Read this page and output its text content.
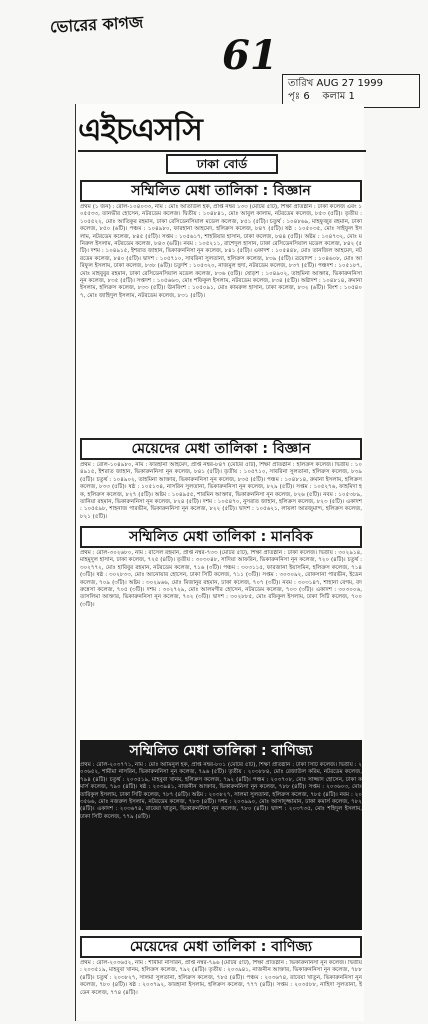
ভোরের কাগজ
61
তারিখ AUG 27 1999
পৃঃ 6 কলাম 1
এইচএসসি
ঢাকা বোর্ড
সম্মিলিত মেধা তালিকা : বিজ্ঞান
প্রথম (১ জন) : রোল-১০৪০৩৩, নাম : মোঃ আতাউল হক, প্রাপ্ত নম্বর ১৩৩ (মোটর ৫টি), শিক্ষা প্রতিষ্ঠান : ঢাকা কলেজ এবং ১০৫৫৩৩, তানভীর হোসেন, নটরডেম কলেজ। দ্বিতীয় : ১০৪৮৪১, মোঃ আবুল কালাম, নটরডেম কলেজ, ৮৫৩ (৫টি)। তৃতীয় : ১০৫৫২২, মোঃ আতিকুর রহমান, ঢাকা রেসিডেনসিয়াল মডেল কলেজ, ৮৫১ (৫টি)। চতুর্থ : ১০৪৮৬৯, মাহফুজুর রহমান, ঢাকা কলেজ, ৮৫০ (৬টি)। পঞ্চম : ১০৪৯৮০, ফারহানা আহমেদ, হলিক্রস কলেজ, ৮৪৭ (৫টি)। ষষ্ঠ : ১০৫০৩৫, মোঃ সাইফুল ইসলাম, নটরডেম কলেজ, ৮৪৫ (৫টি)। সপ্তম : ১০৫৬১৭, শাহরিয়ার হাসান, ঢাকা কলেজ, ৮৪৪ (৫টি)। অষ্টম : ১০৪৭৩২, মোঃ মনিরুল ইসলাম, নটরডেম কলেজ, ৮৪৩ (৬টি)। নবম : ১০৫২১১, রাশেদুল হাসান, ঢাকা রেসিডেনসিয়াল মডেল কলেজ, ৮৪২ (৫টি)। দশম : ১০৪৯১৫, ইশরাত জাহান, ভিকারুননিসা নূন কলেজ, ৮৪১ (৫টি)। একাদশ : ১০৫৪৪৮, মোঃ তানজিল আহমেদ, নটরডেম কলেজ, ৮৪০ (৫টি)। দ্বাদশ : ১০৫৭১০, সাবরিনা সুলতানা, হলিক্রস কলেজ, ৮৩৯ (৫টি)। ত্রয়োদশ : ১০৪৬০৮, মোঃ আরিফুল ইসলাম, ঢাকা কলেজ, ৮৩৮ (৬টি)। চতুর্দশ : ১০৫৩২০, নাজমুল হুদা, নটরডেম কলেজ, ৮৩৭ (৫টি)। পঞ্চদশ : ১০৫১৮৭, মোঃ মাহবুবুর রহমান, ঢাকা রেসিডেনসিয়াল মডেল কলেজ, ৮৩৬ (৫টি)। ষোড়শ : ১০৪৯০২, তাহমিনা আক্তার, ভিকারুননিসা নূন কলেজ, ৮৩৫ (৫টি)। সপ্তদশ : ১০৫৬৬৩, মোঃ শফিকুল ইসলাম, নটরডেম কলেজ, ৮৩৪ (৫টি)। অষ্টাদশ : ১০৪৮১৪, রুমানা ইসলাম, হলিক্রস কলেজ, ৮৩৩ (৫টি)। ঊনবিংশ : ১০৫০৯১, মোঃ কামরুল হাসান, ঢাকা কলেজ, ৮৩২ (৬টি)। বিংশ : ১০৫৪০৭, মোঃ জাহিদুল ইসলাম, নটরডেম কলেজ, ৮৩১ (৫টি)।
মেয়েদের মেধা তালিকা : বিজ্ঞান
প্রথম : রোল-১০৪৯৮০, নাম : ফারহানা আহমেদ, প্রাপ্ত নম্বর-৮৪৭ (মোটর ৫টি), শিক্ষা প্রতিষ্ঠান : হলিক্রস কলেজ। দ্বিতীয় : ১০৪৯১৫, ইশরাত জাহান, ভিকারুননিসা নূন কলেজ, ৮৪১ (৫টি)। তৃতীয় : ১০৫৭১০, সাবরিনা সুলতানা, হলিক্রস কলেজ, ৮৩৯ (৫টি)। চতুর্থ : ১০৪৯০২, তাহমিনা আক্তার, ভিকারুননিসা নূন কলেজ, ৮৩৫ (৫টি)। পঞ্চম : ১০৪৮১৪, রুমানা ইসলাম, হলিক্রস কলেজ, ৮৩৩ (৫টি)। ষষ্ঠ : ১০৫১৩৪, নাসরিন সুলতানা, ভিকারুননিসা নূন কলেজ, ৮২৯ (৫টি)। সপ্তম : ১০৫২৭৬, ফাহমিদা হক, হলিক্রস কলেজ, ৮২৭ (৫টি)। অষ্টম : ১০৪৯৫৫, শারমিন আক্তার, ভিকারুননিসা নূন কলেজ, ৮২৬ (৫টি)। নবম : ১০৫৩৮৯, তানিয়া রহমান, ভিকারুননিসা নূন কলেজ, ৮২৪ (৫টি)। দশম : ১০৫৪৭০, নুসরাত জাহান, হলিক্রস কলেজ, ৮২৩ (৫টি)। একাদশ : ১০৫৫৯৮, শাহনাজ পারভীন, ভিকারুননিসা নূন কলেজ, ৮২২ (৫টি)। দ্বাদশ : ১০৫৬২১, লায়লা আরজুমান্দ, হলিক্রস কলেজ, ৮২১ (৫টি)।
সম্মিলিত মেধা তালিকা : মানবিক
প্রথম : রোল-৩০২৬৮০, নাম : রাসেল রহমান, প্রাপ্ত নম্বর-৭৩৩ (মোটর ৫টি), শিক্ষা প্রতিষ্ঠান : ঢাকা কলেজ। দ্বিতীয় : ৩০২৯১৪, মাহমুদুল হাসান, ঢাকা কলেজ, ৭২৫ (৪টি)। তৃতীয় : ৩০৩০৪৮, সাদিয়া আফরিন, ভিকারুননিসা নূন কলেজ, ৭২০ (৪টি)। চতুর্থ : ৩০২৭৭২, মোঃ হাবিবুর রহমান, নটরডেম কলেজ, ৭১৬ (৩টি)। পঞ্চম : ৩০৩১১৫, ফারজানা ইয়াসমিন, হলিক্রস কলেজ, ৭১৪ (৩টি)। ষষ্ঠ : ৩০২৮৩৩, মোঃ আনোয়ার হোসেন, ঢাকা সিটি কলেজ, ৭১১ (৩টি)। সপ্তম : ৩০৩০৯২, রোকসানা পারভীন, ইডেন কলেজ, ৭০৯ (৩টি)। অষ্টম : ৩০২৯৬৬, মোঃ মিজানুর রহমান, ঢাকা কলেজ, ৭০৭ (৩টি)। নবম : ৩০৩১৪৭, শাহানা বেগম, বদরুন্নেসা কলেজ, ৭০৫ (৩টি)। দশম : ৩০২৭২৯, মোঃ আলমগীর হোসেন, নটরডেম কলেজ, ৭০৩ (৩টি)। একাদশ : ৩০৩০০৬, তাসলিমা আক্তার, ভিকারুননিসা নূন কলেজ, ৭০২ (৩টি)। দ্বাদশ : ৩০২৮৮৫, মোঃ রফিকুল ইসলাম, ঢাকা সিটি কলেজ, ৭০০ (৩টি)।
সম্মিলিত মেধা তালিকা : বাণিজ্য
প্রথম : রোল-২০৩৭৭১, নাম : মোঃ আমিনুল হক, প্রাপ্ত নম্বর-৮০১ (মোটর ৫টি), শিক্ষা প্রতিষ্ঠান : ঢাকা সিটি কলেজ। দ্বিতীয় : ২০৩৬৫২, শামীমা নাসরিন, ভিকারুননিসা নূন কলেজ, ৭৯৬ (৫টি)। তৃতীয় : ২০৩৮৮৪, মোঃ রেজাউল করিম, নটরডেম কলেজ, ৭৯৪ (৪টি)। চতুর্থ : ২০৩৫১৯, মাহবুবা খানম, হলিক্রস কলেজ, ৭৯২ (৪টি)। পঞ্চম : ২০৩৭০৮, মোঃ সাজ্জাদ হোসেন, ঢাকা কমার্স কলেজ, ৭৯০ (৪টি)। ষষ্ঠ : ২০৩৯৪১, নাজনীন আক্তার, ভিকারুননিসা নূন কলেজ, ৭৮৮ (৪টি)। সপ্তম : ২০৩৬০৩, মোঃ তারিকুল ইসলাম, ঢাকা সিটি কলেজ, ৭৮৭ (৪টি)। অষ্টম : ২০৩৮২৭, সালমা সুলতানা, হলিক্রস কলেজ, ৭৮৫ (৪টি)। নবম : ২০৩৫৬৬, মোঃ নজরুল ইসলাম, নটরডেম কলেজ, ৭৮৩ (৪টি)। দশম : ২০৩৯৯০, মোঃ আসাদুজ্জামান, ঢাকা কমার্স কলেজ, ৭৮২ (৪টি)। একাদশ : ২০৩৬৭৪, রাবেয়া খাতুন, ভিকারুননিসা নূন কলেজ, ৭৮০ (৪টি)। দ্বাদশ : ২০৩৭৩৫, মোঃ শহিদুল ইসলাম, ঢাকা সিটি কলেজ, ৭৭৯ (৪টি)।
মেয়েদের মেধা তালিকা : বাণিজ্য
প্রথম : রোল-২০৩৬৫২, নাম : শামীমা নাসরিন, প্রাপ্ত নম্বর-৭৯৬ (মোটর ৫টি), শিক্ষা প্রতিষ্ঠান : ভিকারুননিসা নূন কলেজ। দ্বিতীয় : ২০৩৫১৯, মাহবুবা খানম, হলিক্রস কলেজ, ৭৯২ (৪টি)। তৃতীয় : ২০৩৯৪১, নাজনীন আক্তার, ভিকারুননিসা নূন কলেজ, ৭৮৮ (৪টি)। চতুর্থ : ২০৩৮২৭, সালমা সুলতানা, হলিক্রস কলেজ, ৭৮৫ (৪টি)। পঞ্চম : ২০৩৬৭৪, রাবেয়া খাতুন, ভিকারুননিসা নূন কলেজ, ৭৮০ (৪টি)। ষষ্ঠ : ২০৩৭৯২, ফারহানা ইসলাম, হলিক্রস কলেজ, ৭৭৭ (৪টি)। সপ্তম : ২০৩৫৮৮, নাহিদা সুলতানা, ইডেন কলেজ, ৭৭৪ (৪টি)।
